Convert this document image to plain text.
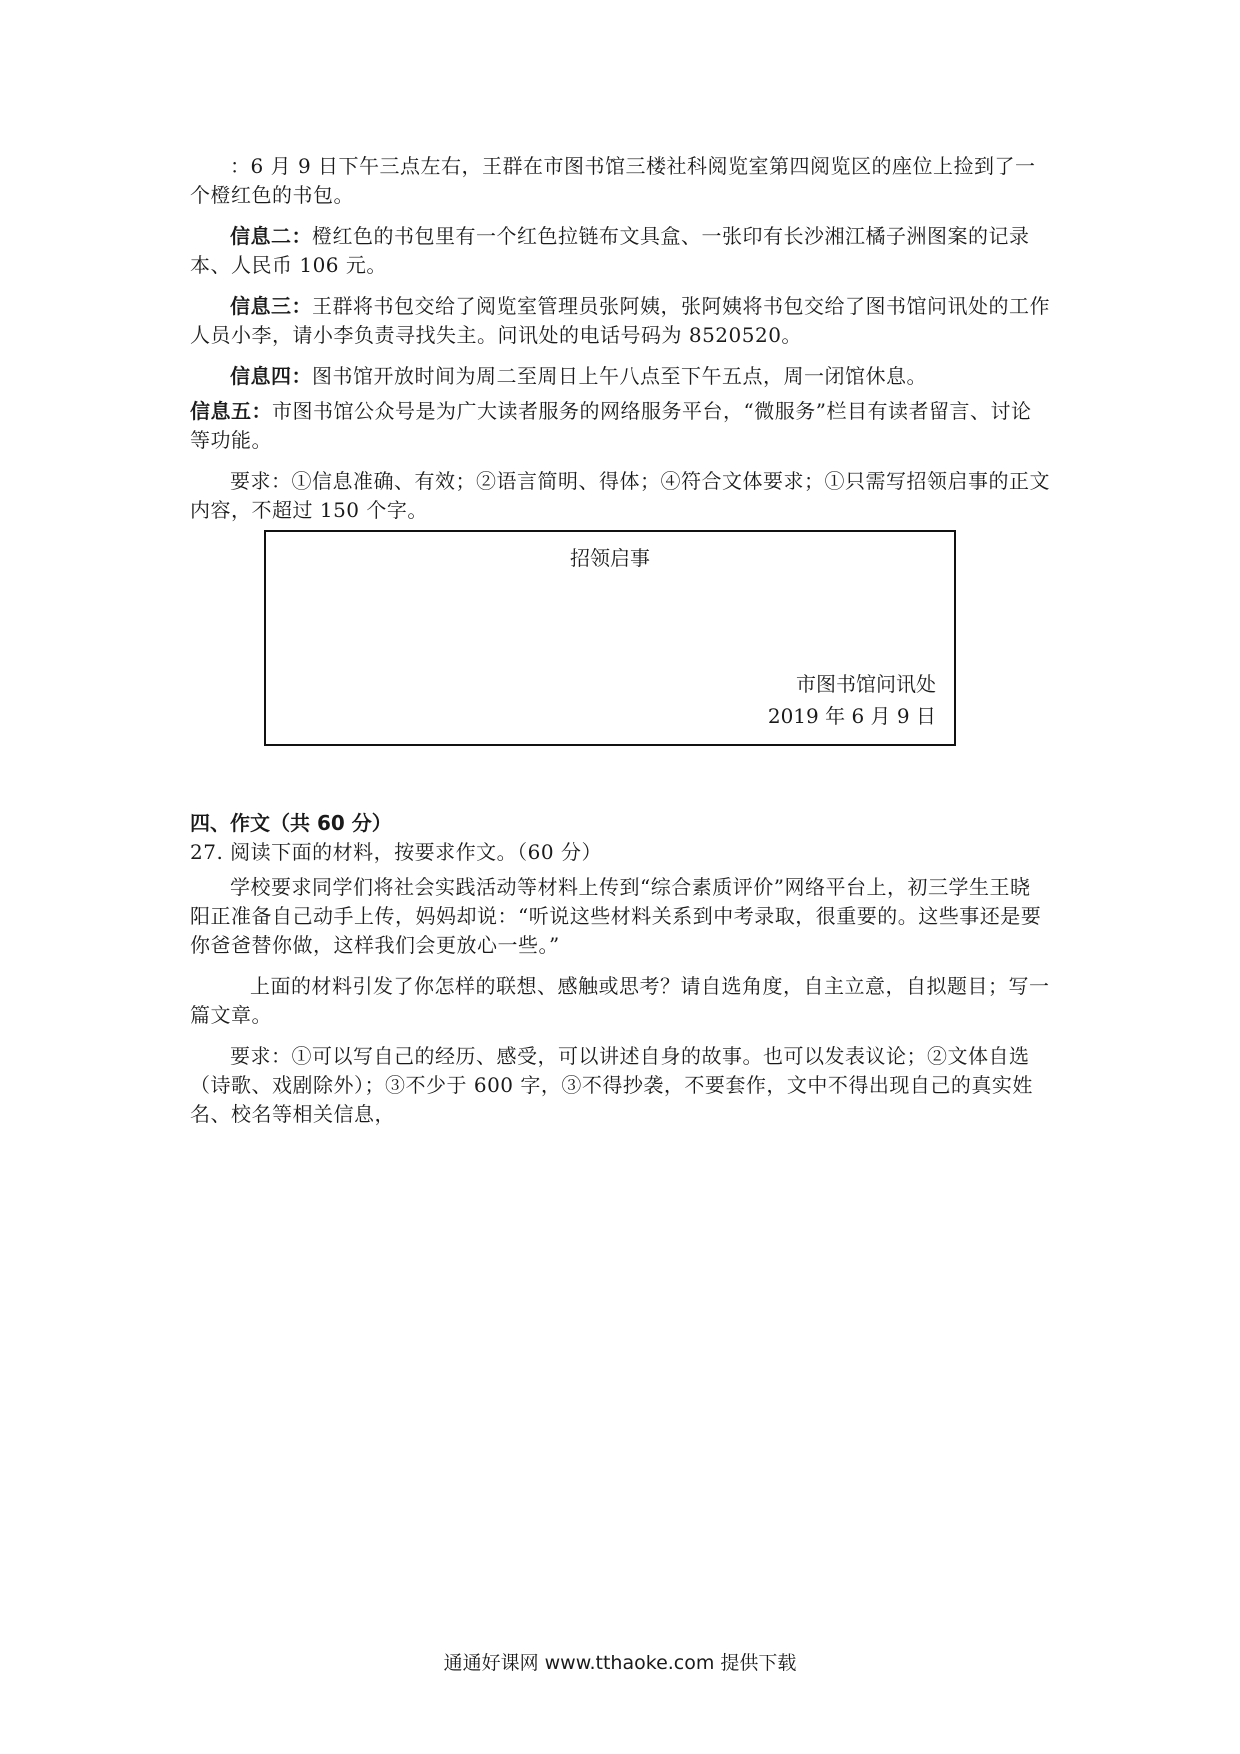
：6 月 9 日下午三点左右，王群在市图书馆三楼社科阅览室第四阅览区的座位上捡到了一个橙红色的书包。

信息二：橙红色的书包里有一个红色拉链布文具盒、一张印有长沙湘江橘子洲图案的记录本、人民币 106 元。

信息三：王群将书包交给了阅览室管理员张阿姨，张阿姨将书包交给了图书馆问讯处的工作人员小李，请小李负责寻找失主。问讯处的电话号码为 8520520。

信息四：图书馆开放时间为周二至周日上午八点至下午五点，周一闭馆休息。

信息五：市图书馆公众号是为广大读者服务的网络服务平台，“微服务”栏目有读者留言、讨论等功能。

要求：①信息准确、有效；②语言简明、得体；④符合文体要求；①只需写招领启事的正文内容，不超过 150 个字。

招领启事
市图书馆问讯处
2019 年 6 月 9 日
四、作文（共 60 分）

27. 阅读下面的材料，按要求作文。（60 分）

学校要求同学们将社会实践活动等材料上传到“综合素质评价”网络平台上，初三学生王晓阳正准备自己动手上传，妈妈却说：“听说这些材料关系到中考录取，很重要的。这些事还是要你爸爸替你做，这样我们会更放心一些。”

上面的材料引发了你怎样的联想、感触或思考？请自选角度，自主立意，自拟题目；写一篇文章。

要求：①可以写自己的经历、感受，可以讲述自身的故事。也可以发表议论；②文体自选（诗歌、戏剧除外）；③不少于 600 字，③不得抄袭，不要套作，文中不得出现自己的真实姓名、校名等相关信息，

通通好课网 www.tthaoke.com 提供下载
